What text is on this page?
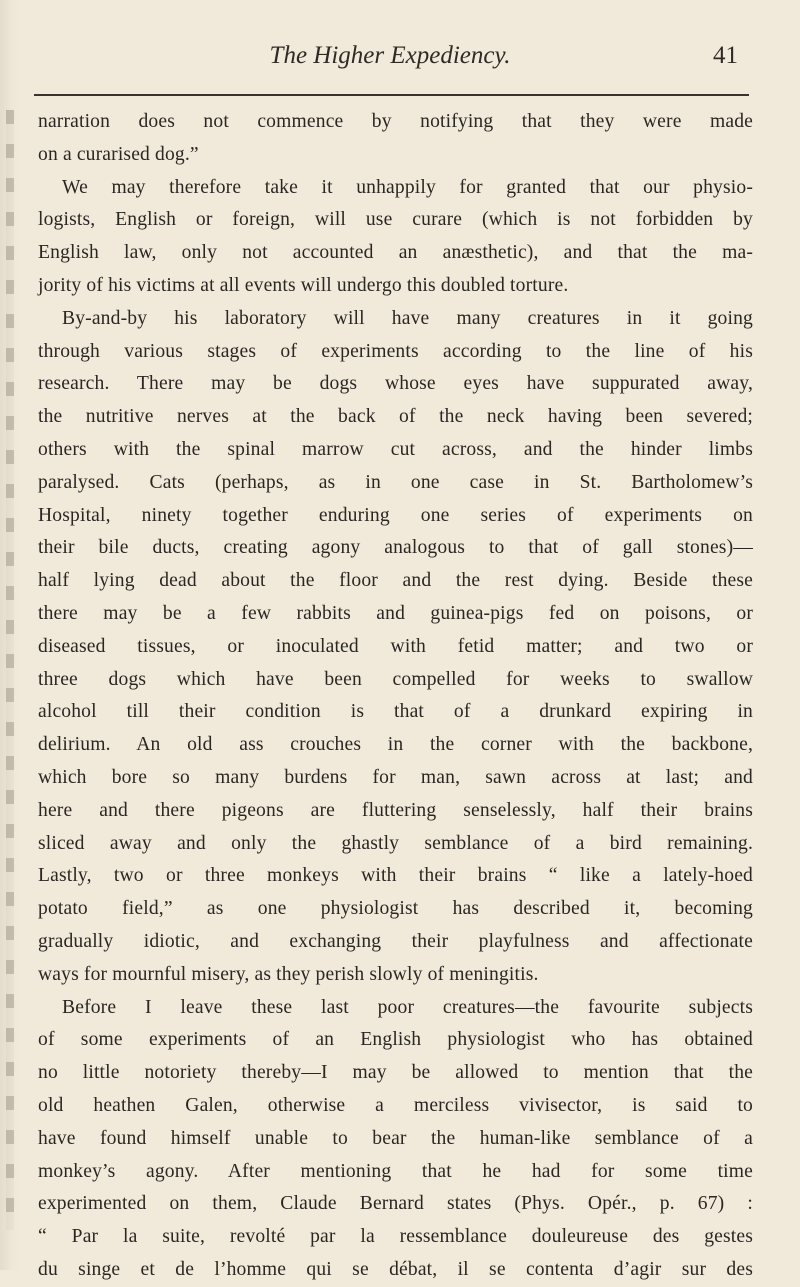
The Higher Expediency.	41
narration does not commence by notifying that they were made
on a curarised dog.”
We may therefore take it unhappily for granted that our physio-
logists, English or foreign, will use curare (which is not forbidden by
English law, only not accounted an anæsthetic), and that the ma-
jority of his victims at all events will undergo this doubled torture.
By-and-by his laboratory will have many creatures in it going
through various stages of experiments according to the line of his
research. There may be dogs whose eyes have suppurated away,
the nutritive nerves at the back of the neck having been severed;
others with the spinal marrow cut across, and the hinder limbs
paralysed. Cats (perhaps, as in one case in St. Bartholomew’s
Hospital, ninety together enduring one series of experiments on
their bile ducts, creating agony analogous to that of gall stones)—
half lying dead about the floor and the rest dying. Beside these
there may be a few rabbits and guinea-pigs fed on poisons, or
diseased tissues, or inoculated with fetid matter; and two or
three dogs which have been compelled for weeks to swallow
alcohol till their condition is that of a drunkard expiring in
delirium. An old ass crouches in the corner with the backbone,
which bore so many burdens for man, sawn across at last; and
here and there pigeons are fluttering senselessly, half their brains
sliced away and only the ghastly semblance of a bird remaining.
Lastly, two or three monkeys with their brains “ like a lately-hoed
potato field,” as one physiologist has described it, becoming
gradually idiotic, and exchanging their playfulness and affectionate
ways for mournful misery, as they perish slowly of meningitis.
Before I leave these last poor creatures—the favourite subjects
of some experiments of an English physiologist who has obtained
no little notoriety thereby—I may be allowed to mention that the
old heathen Galen, otherwise a merciless vivisector, is said to
have found himself unable to bear the human-like semblance of a
monkey’s agony. After mentioning that he had for some time
experimented on them, Claude Bernard states (Phys. Opér., p. 67) :
“ Par la suite, revolté par la ressemblance douleureuse des gestes
du singe et de l’homme qui se débat, il se contenta d’agir sur des
